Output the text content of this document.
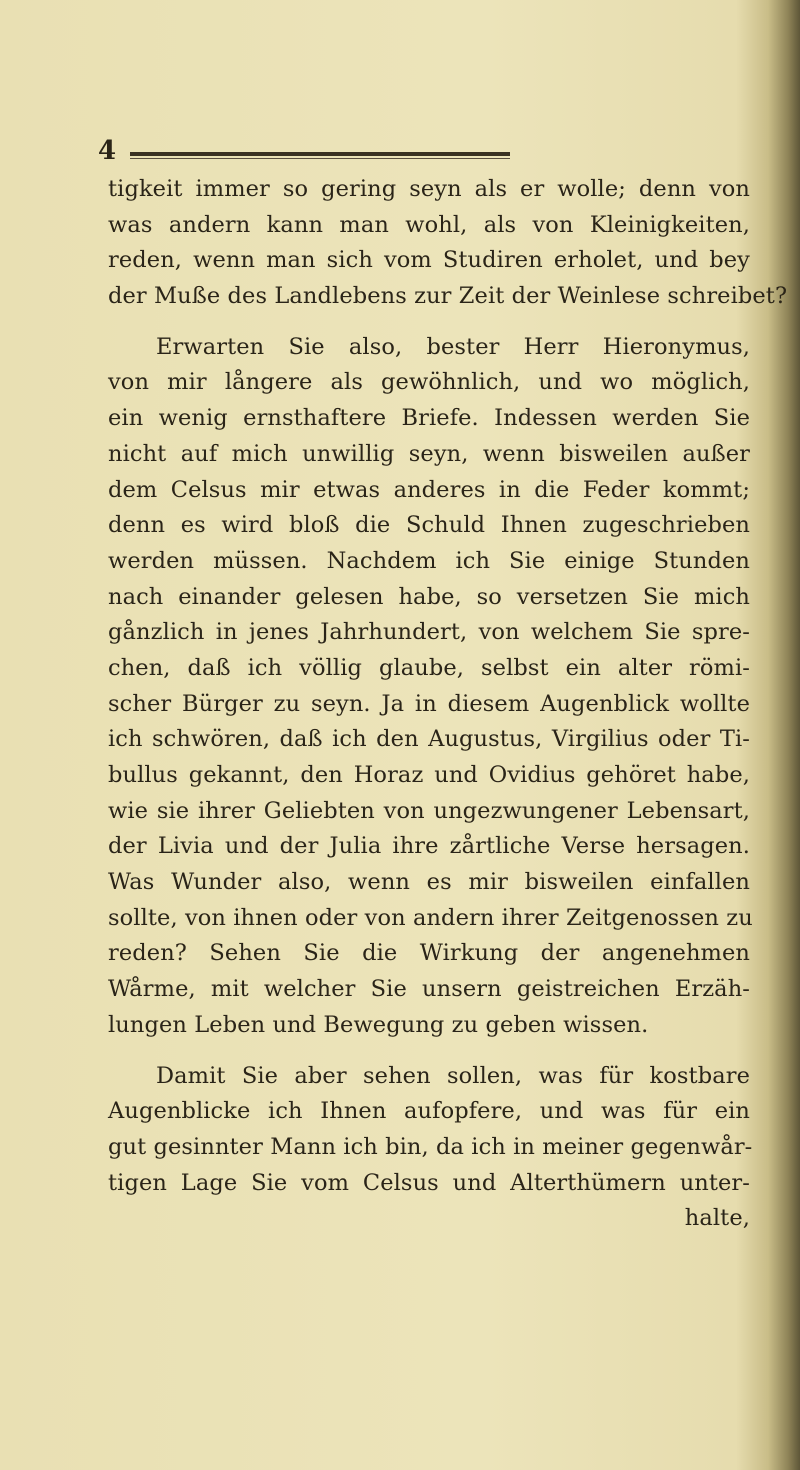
4
tigkeit immer so gering seyn als er wolle; denn von
was andern kann man wohl, als von Kleinigkeiten,
reden, wenn man sich vom Studiren erholet, und bey
der Muße des Landlebens zur Zeit der Weinlese schreibet?
Erwarten Sie also, bester Herr Hieronymus,
von mir långere als gewöhnlich, und wo möglich,
ein wenig ernsthaftere Briefe. Indessen werden Sie
nicht auf mich unwillig seyn, wenn bisweilen außer
dem Celsus mir etwas anderes in die Feder kommt;
denn es wird bloß die Schuld Ihnen zugeschrieben
werden müssen. Nachdem ich Sie einige Stunden
nach einander gelesen habe, so versetzen Sie mich
gånzlich in jenes Jahrhundert, von welchem Sie spre-
chen, daß ich völlig glaube, selbst ein alter römi-
scher Bürger zu seyn. Ja in diesem Augenblick wollte
ich schwören, daß ich den Augustus, Virgilius oder Ti-
bullus gekannt, den Horaz und Ovidius gehöret habe,
wie sie ihrer Geliebten von ungezwungener Lebensart,
der Livia und der Julia ihre zårtliche Verse hersagen.
Was Wunder also, wenn es mir bisweilen einfallen
sollte, von ihnen oder von andern ihrer Zeitgenossen zu
reden? Sehen Sie die Wirkung der angenehmen
Wårme, mit welcher Sie unsern geistreichen Erzäh-
lungen Leben und Bewegung zu geben wissen.
Damit Sie aber sehen sollen, was für kostbare
Augenblicke ich Ihnen aufopfere, und was für ein
gut gesinnter Mann ich bin, da ich in meiner gegenwår-
tigen Lage Sie vom Celsus und Alterthümern unter-
halte,
